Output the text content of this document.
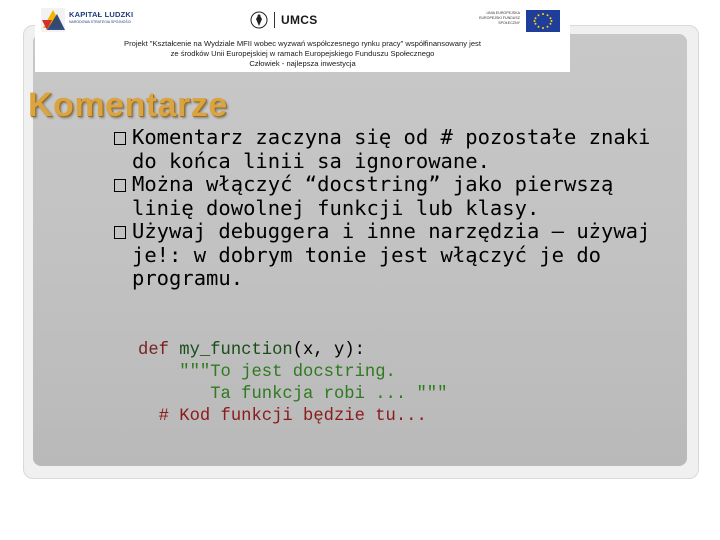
KAPITAŁ LUDZKI
NARODOWA STRATEGIA SPÓJNOŚCI	UMCS	UNIA EUROPEJSKA EUROPEJSKI FUNDUSZ SPOŁECZNY
Projekt "Kształcenie na Wydziale MFII wobec wyzwań współczesnego rynku pracy" współfinansowany jest
ze środków Unii Europejskiej w ramach Europejskiego Funduszu Społecznego
Człowiek - najlepsza inwestycja
Komentarze
Komentarz zaczyna się od # pozostałe znaki do końca linii sa ignorowane.
Można włączyć “docstring” jako pierwszą linię dowolnej funkcji lub klasy.
Używaj debuggera i inne narzędzia – używaj je!: w dobrym tonie jest włączyć je do programu.
def my_function(x, y):
"""To jest docstring.
Ta funkcja robi ... """
# Kod funkcji będzie tu...
